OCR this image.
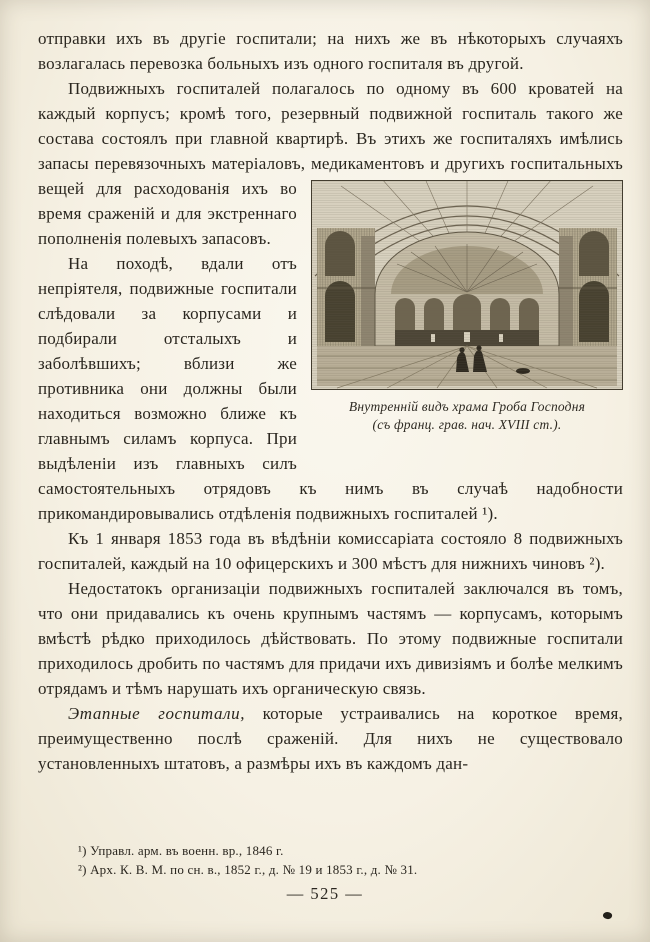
отправки ихъ въ другіе госпитали; на нихъ же въ нѣкоторыхъ случаяхъ возлагалась перевозка больныхъ изъ одного госпиталя въ другой.

Подвижныхъ госпиталей полагалось по одному въ 600 кроватей на каждый корпусъ; кромѣ того, резервный подвижной госпиталь такого же состава состоялъ при главной квартирѣ. Въ этихъ же госпиталяхъ имѣлись запасы перевязочныхъ матеріаловъ, медикаментовъ и другихъ госпитальныхъ вещей для
Внутренній видъ храма Гроба Господня
(съ франц. грав. нач. XVIII ст.).
расходованія ихъ во время сраженій и для экстреннаго пополненія полевыхъ запасовъ.

На походѣ, вдали отъ непріятеля, подвижные госпитали слѣдовали за корпусами и подбирали отсталыхъ и заболѣвшихъ; вблизи же противника они должны были находиться возможно ближе къ главнымъ силамъ корпуса. При выдѣленіи изъ главныхъ силъ самостоятельныхъ отрядовъ къ нимъ въ случаѣ надобности прикомандировывались отдѣленія подвижныхъ госпиталей ¹).

Къ 1 января 1853 года въ вѣдѣніи комиссаріата состояло 8 подвижныхъ госпиталей, каждый на 10 офицерскихъ и 300 мѣстъ для нижнихъ чиновъ ²).

Недостатокъ организаціи подвижныхъ госпиталей заключался въ томъ, что они придавались къ очень крупнымъ частямъ — корпусамъ, которымъ вмѣстѣ рѣдко приходилось дѣйствовать. По этому подвижные госпитали приходилось дробить по частямъ для придачи ихъ дивизіямъ и болѣе мелкимъ отрядамъ и тѣмъ нарушать ихъ органическую связь.

Этапные госпитали, которые устраивались на короткое время, преимущественно послѣ сраженій. Для нихъ не существовало установленныхъ штатовъ, а размѣры ихъ въ каждомъ дан-

¹) Управл. арм. въ военн. вр., 1846 г.

²) Арх. К. В. М. по сн. в., 1852 г., д. № 19 и 1853 г., д. № 31.

— 525 —
